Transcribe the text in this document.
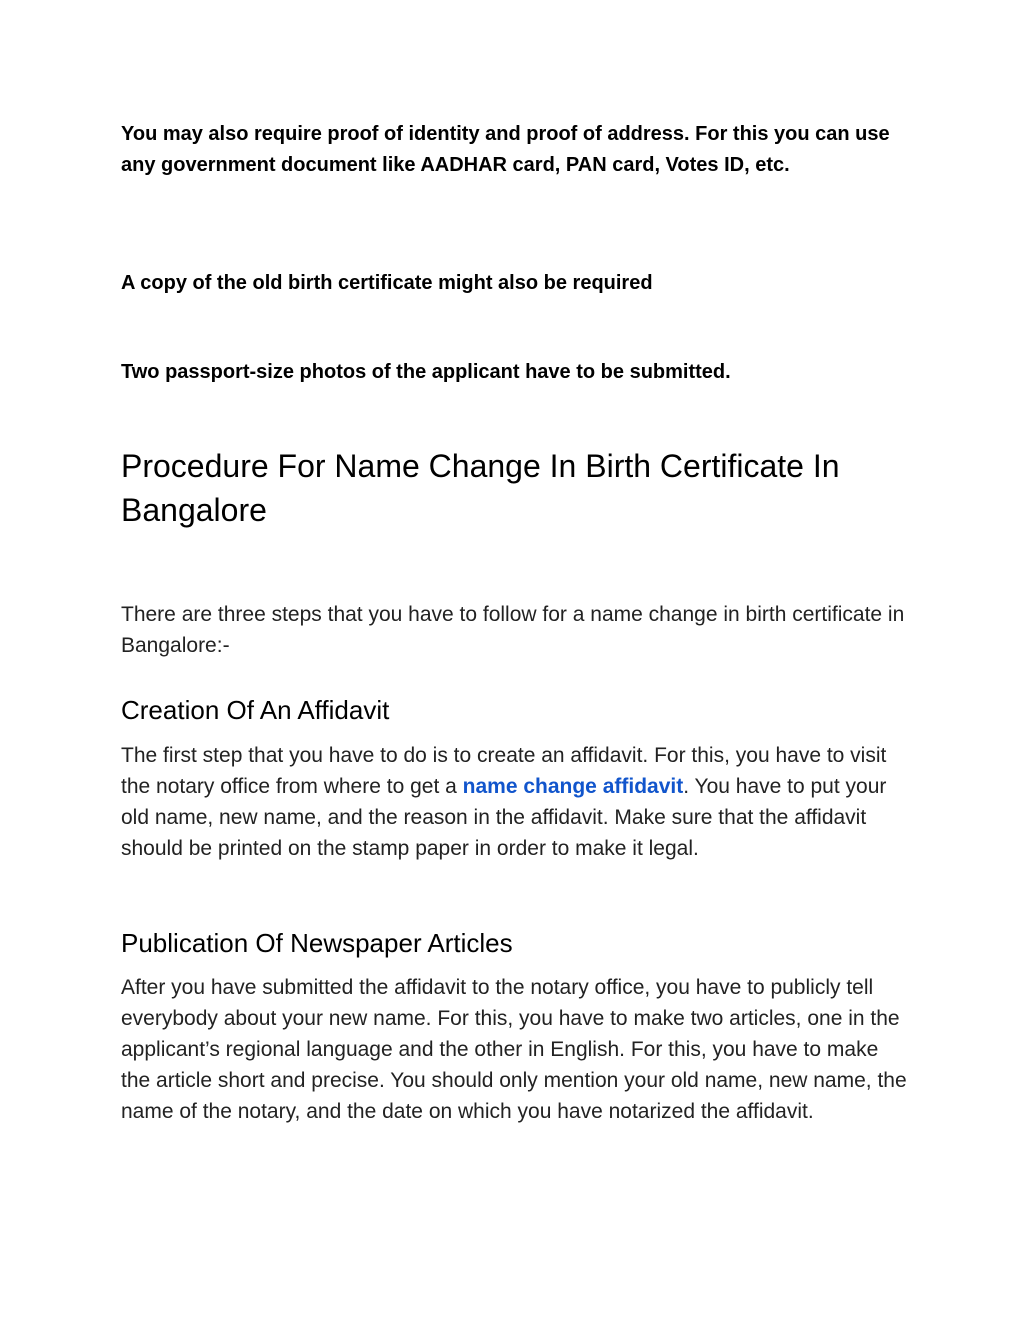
You may also require proof of identity and proof of address. For this you can use any government document like AADHAR card, PAN card, Votes ID, etc.

A copy of the old birth certificate might also be required

Two passport-size photos of the applicant have to be submitted.

Procedure For Name Change In Birth Certificate In Bangalore

There are three steps that you have to follow for a name change in birth certificate in Bangalore:-

Creation Of An Affidavit

The first step that you have to do is to create an affidavit. For this, you have to visit the notary office from where to get a name change affidavit. You have to put your old name, new name, and the reason in the affidavit. Make sure that the affidavit should be printed on the stamp paper in order to make it legal.

Publication Of Newspaper Articles

After you have submitted the affidavit to the notary office, you have to publicly tell everybody about your new name. For this, you have to make two articles, one in the applicant’s regional language and the other in English. For this, you have to make the article short and precise. You should only mention your old name, new name, the name of the notary, and the date on which you have notarized the affidavit.
